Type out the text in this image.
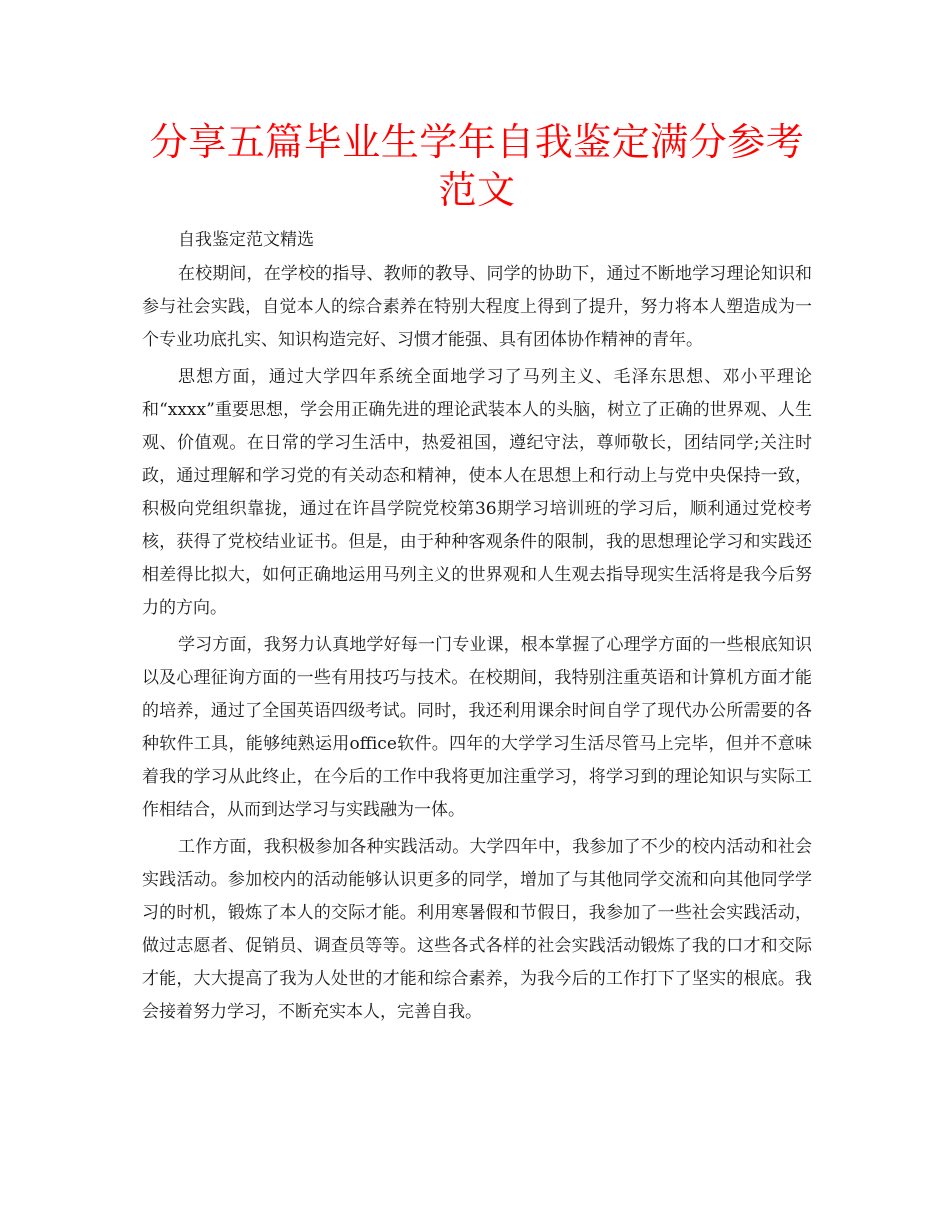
分享五篇毕业生学年自我鉴定满分参考范文

自我鉴定范文精选

在校期间，在学校的指导、教师的教导、同学的协助下，通过不断地学习理论知识和参与社会实践，自觉本人的综合素养在特别大程度上得到了提升，努力将本人塑造成为一个专业功底扎实、知识构造完好、习惯才能强、具有团体协作精神的青年。

思想方面，通过大学四年系统全面地学习了马列主义、毛泽东思想、邓小平理论和“xxxx”重要思想，学会用正确先进的理论武装本人的头脑，树立了正确的世界观、人生观、价值观。在日常的学习生活中，热爱祖国，遵纪守法，尊师敬长，团结同学;关注时政，通过理解和学习党的有关动态和精神，使本人在思想上和行动上与党中央保持一致，积极向党组织靠拢，通过在许昌学院党校第36期学习培训班的学习后，顺利通过党校考核，获得了党校结业证书。但是，由于种种客观条件的限制，我的思想理论学习和实践还相差得比拟大，如何正确地运用马列主义的世界观和人生观去指导现实生活将是我今后努力的方向。

学习方面，我努力认真地学好每一门专业课，根本掌握了心理学方面的一些根底知识以及心理征询方面的一些有用技巧与技术。在校期间，我特别注重英语和计算机方面才能的培养，通过了全国英语四级考试。同时，我还利用课余时间自学了现代办公所需要的各种软件工具，能够纯熟运用office软件。四年的大学学习生活尽管马上完毕，但并不意味着我的学习从此终止，在今后的工作中我将更加注重学习，将学习到的理论知识与实际工作相结合，从而到达学习与实践融为一体。

工作方面，我积极参加各种实践活动。大学四年中，我参加了不少的校内活动和社会实践活动。参加校内的活动能够认识更多的同学，增加了与其他同学交流和向其他同学学习的时机，锻炼了本人的交际才能。利用寒暑假和节假日，我参加了一些社会实践活动，做过志愿者、促销员、调查员等等。这些各式各样的社会实践活动锻炼了我的口才和交际才能，大大提高了我为人处世的才能和综合素养，为我今后的工作打下了坚实的根底。我会接着努力学习，不断充实本人，完善自我。
